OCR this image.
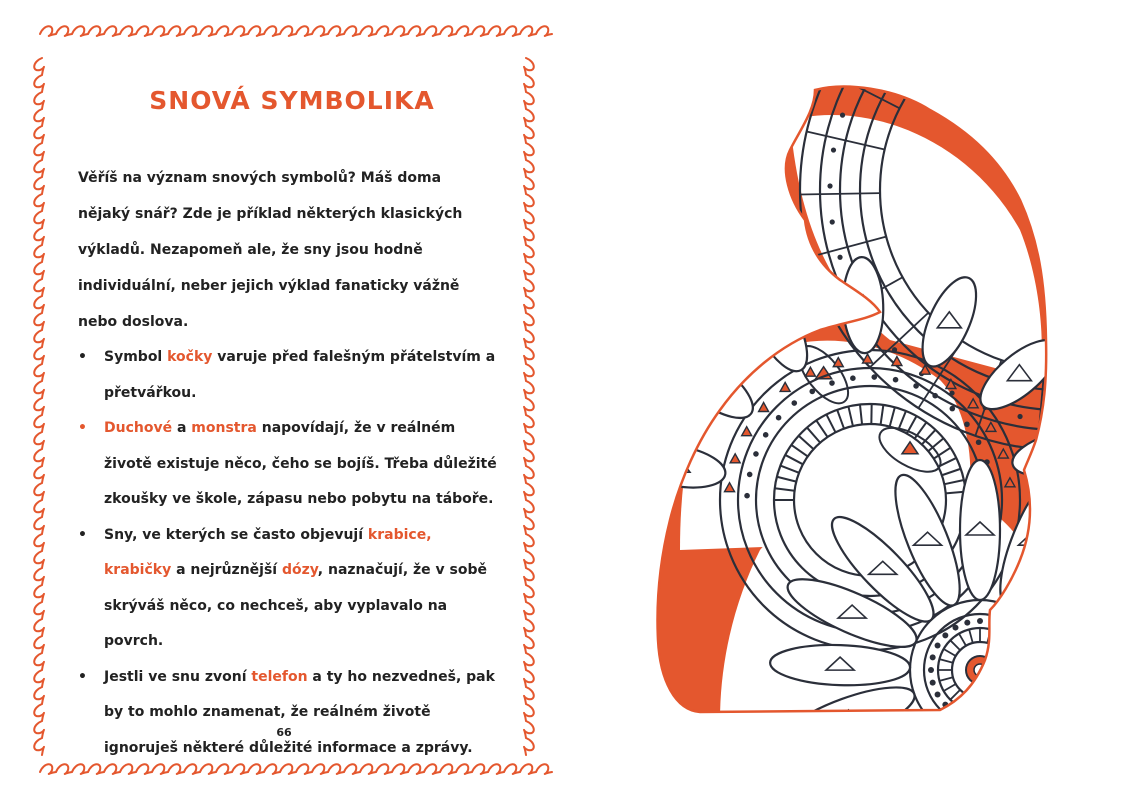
SNOVÁ SYMBOLIKA

Věříš na význam snových symbolů? Máš doma nějaký snář? Zde je příklad některých klasických výkladů. Nezapomeň ale, že sny jsou hodně individuální, neber jejich výklad fanaticky vážně nebo doslova.

• Symbol kočky varuje před falešným přátelstvím a přetvářkou.
• Duchové a monstra napovídají, že v reálném životě existuje něco, čeho se bojíš. Třeba důležité zkoušky ve škole, zápasu nebo pobytu na táboře.
• Sny, ve kterých se často objevují krabice, krabičky a nejrůznější dózy, naznačují, že v sobě skrýváš něco, co nechceš, aby vyplavalo na povrch.
• Jestli ve snu zvoní telefon a ty ho nezvedneš, pak by to mohlo znamenat, že reálném životě ignoruješ některé důležité informace a zprávy.
66
